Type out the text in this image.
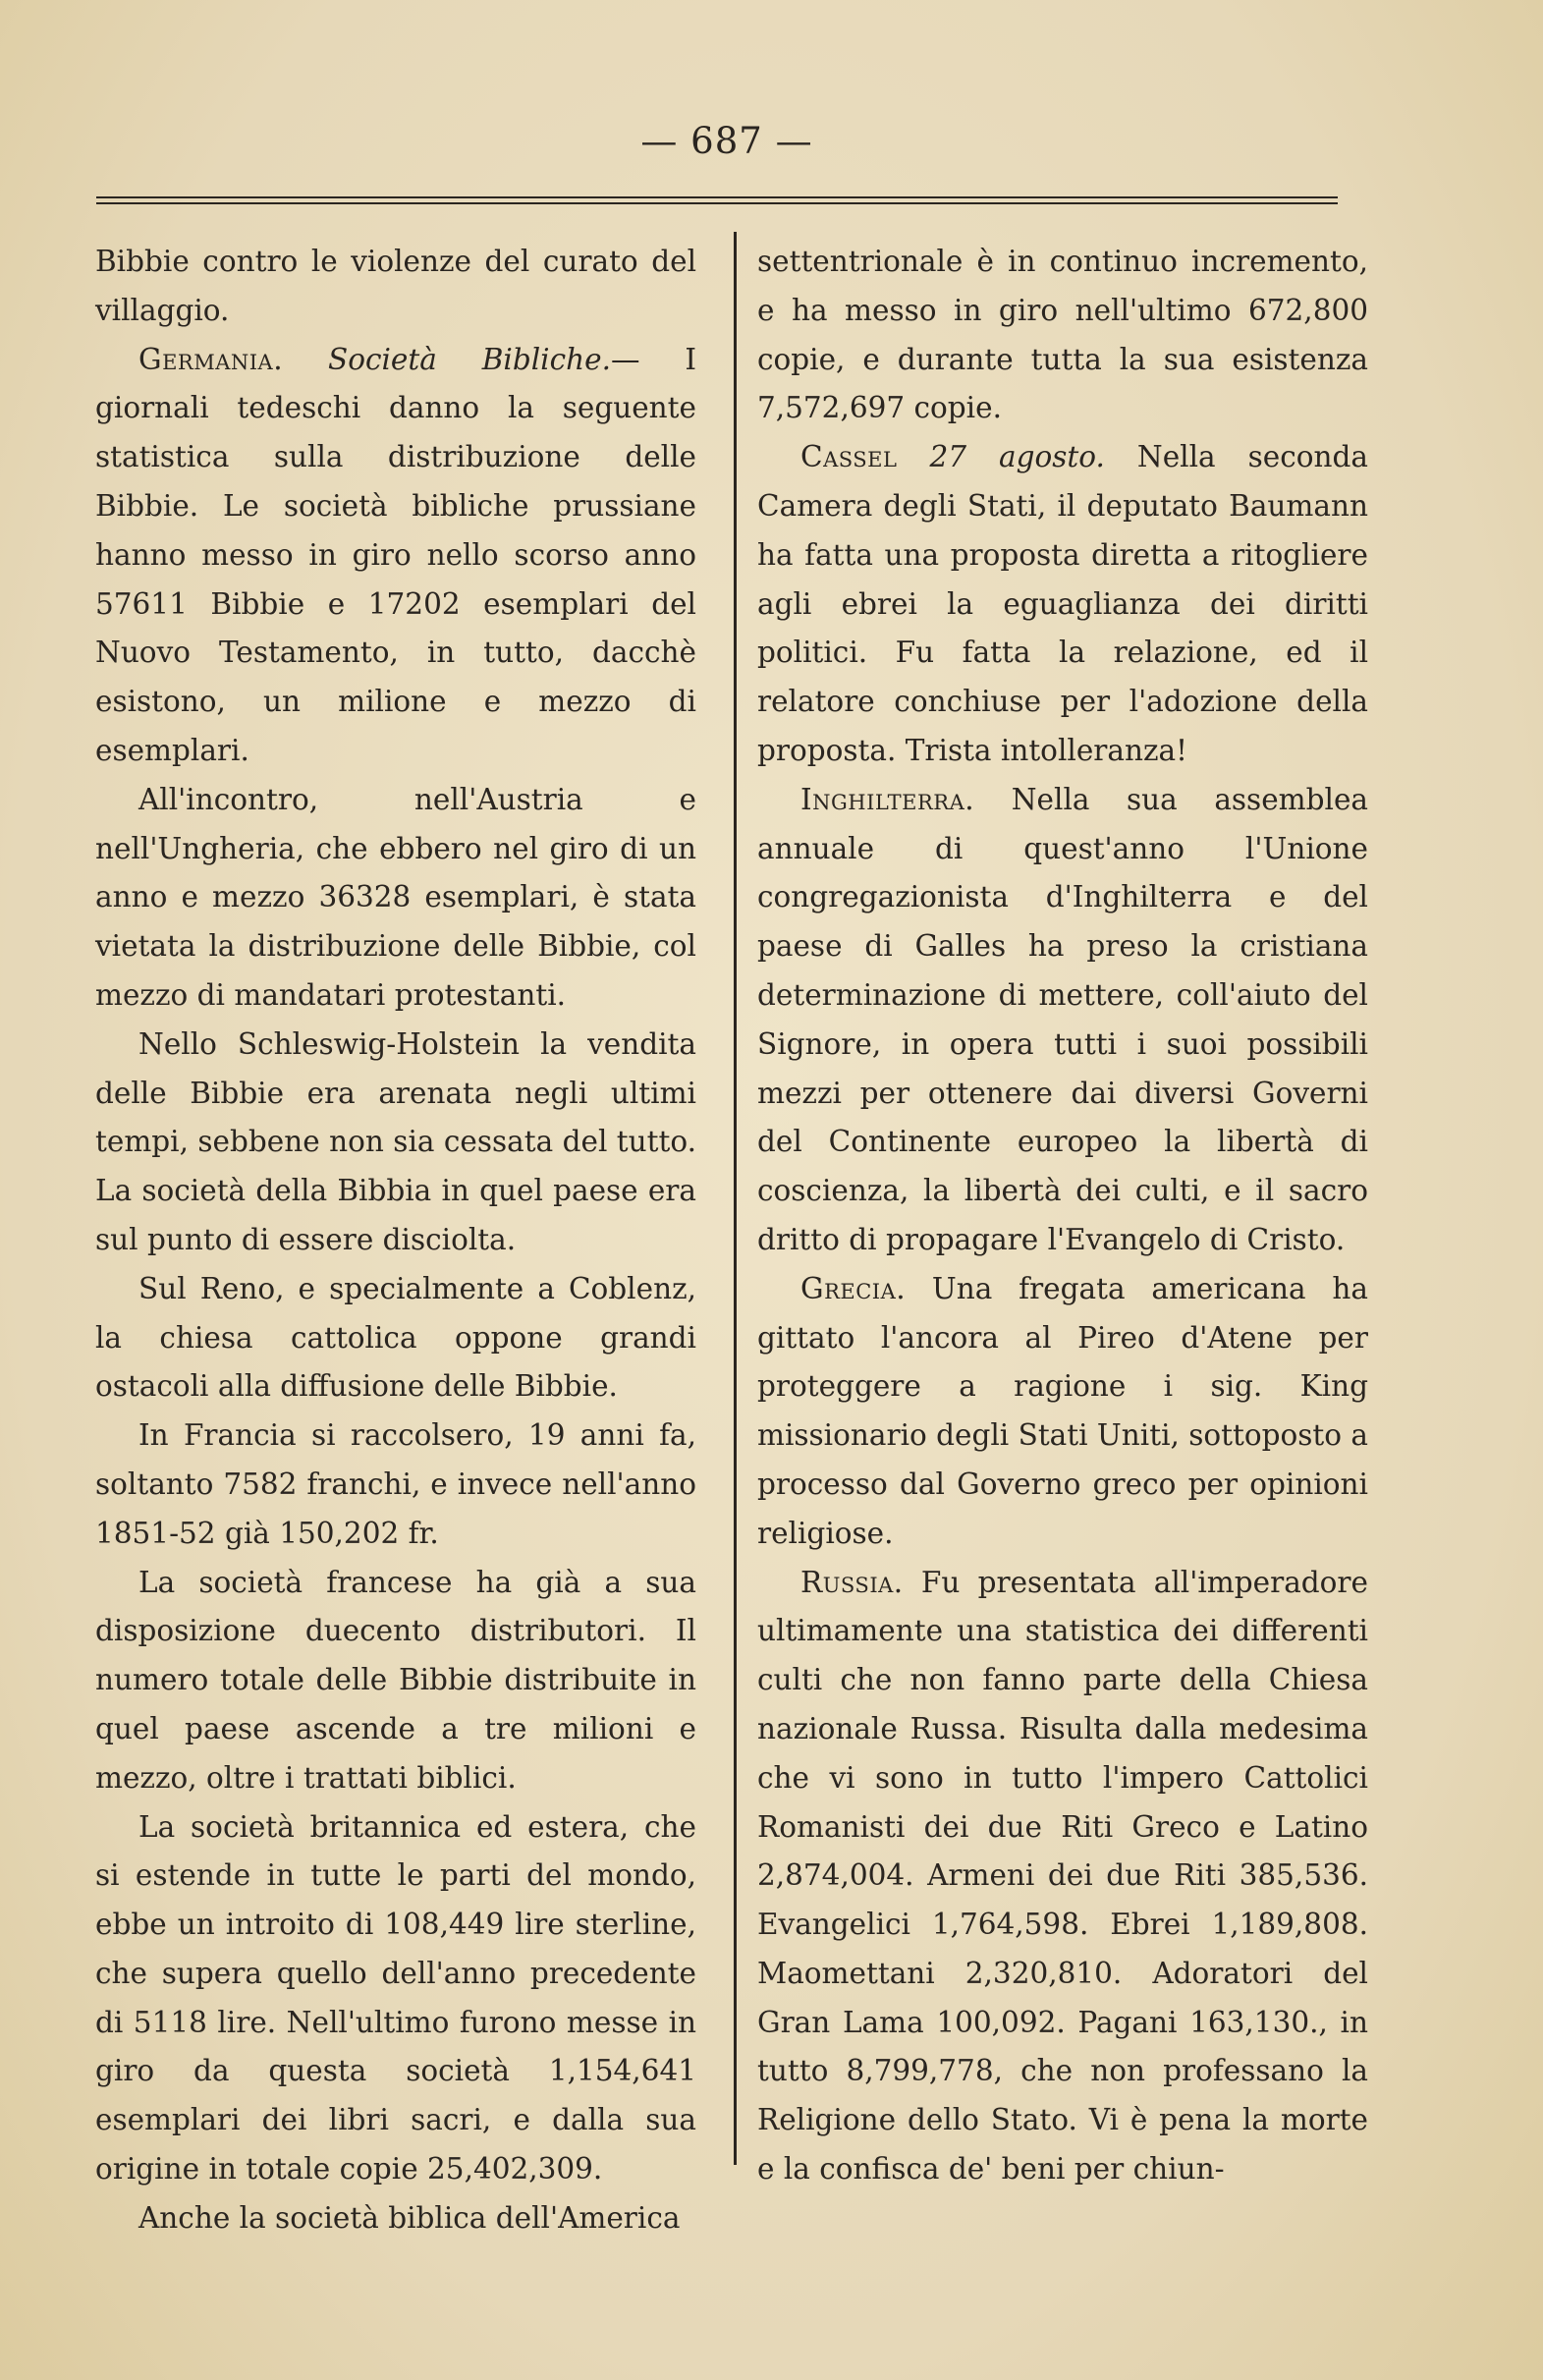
— 687 —

Bibbie contro le violenze del curato del villaggio.

Germania. Società Bibliche.— I giornali tedeschi danno la seguente statistica sulla distribuzione delle Bibbie. Le società bibliche prussiane hanno messo in giro nello scorso anno 57611 Bibbie e 17202 esemplari del Nuovo Testamento, in tutto, dacchè esistono, un milione e mezzo di esemplari.

All'incontro, nell'Austria e nell'Ungheria, che ebbero nel giro di un anno e mezzo 36328 esemplari, è stata vietata la distribuzione delle Bibbie, col mezzo di mandatari protestanti.

Nello Schleswig-Holstein la vendita delle Bibbie era arenata negli ultimi tempi, sebbene non sia cessata del tutto. La società della Bibbia in quel paese era sul punto di essere disciolta.

Sul Reno, e specialmente a Coblenz, la chiesa cattolica oppone grandi ostacoli alla diffusione delle Bibbie.

In Francia si raccolsero, 19 anni fa, soltanto 7582 franchi, e invece nell'anno 1851-52 già 150,202 fr.

La società francese ha già a sua disposizione duecento distributori. Il numero totale delle Bibbie distribuite in quel paese ascende a tre milioni e mezzo, oltre i trattati biblici.

La società britannica ed estera, che si estende in tutte le parti del mondo, ebbe un introito di 108,449 lire sterline, che supera quello dell'anno precedente di 5118 lire. Nell'ultimo furono messe in giro da questa società 1,154,641 esemplari dei libri sacri, e dalla sua origine in totale copie 25,402,309.

Anche la società biblica dell'America

settentrionale è in continuo incremento, e ha messo in giro nell'ultimo 672,800 copie, e durante tutta la sua esistenza 7,572,697 copie.

Cassel 27 agosto. Nella seconda Camera degli Stati, il deputato Baumann ha fatta una proposta diretta a ritogliere agli ebrei la eguaglianza dei diritti politici. Fu fatta la relazione, ed il relatore conchiuse per l'adozione della proposta. Trista intolleranza!

Inghilterra. Nella sua assemblea annuale di quest'anno l'Unione congregazionista d'Inghilterra e del paese di Galles ha preso la cristiana determinazione di mettere, coll'aiuto del Signore, in opera tutti i suoi possibili mezzi per ottenere dai diversi Governi del Continente europeo la libertà di coscienza, la libertà dei culti, e il sacro dritto di propagare l'Evangelo di Cristo.

Grecia. Una fregata americana ha gittato l'ancora al Pireo d'Atene per proteggere a ragione i sig. King missionario degli Stati Uniti, sottoposto a processo dal Governo greco per opinioni religiose.

Russia. Fu presentata all'imperadore ultimamente una statistica dei differenti culti che non fanno parte della Chiesa nazionale Russa. Risulta dalla medesima che vi sono in tutto l'impero Cattolici Romanisti dei due Riti Greco e Latino 2,874,004. Armeni dei due Riti 385,536. Evangelici 1,764,598. Ebrei 1,189,808. Maomettani 2,320,810. Adoratori del Gran Lama 100,092. Pagani 163,130., in tutto 8,799,778, che non professano la Religione dello Stato. Vi è pena la morte e la confisca de' beni per chiun-
